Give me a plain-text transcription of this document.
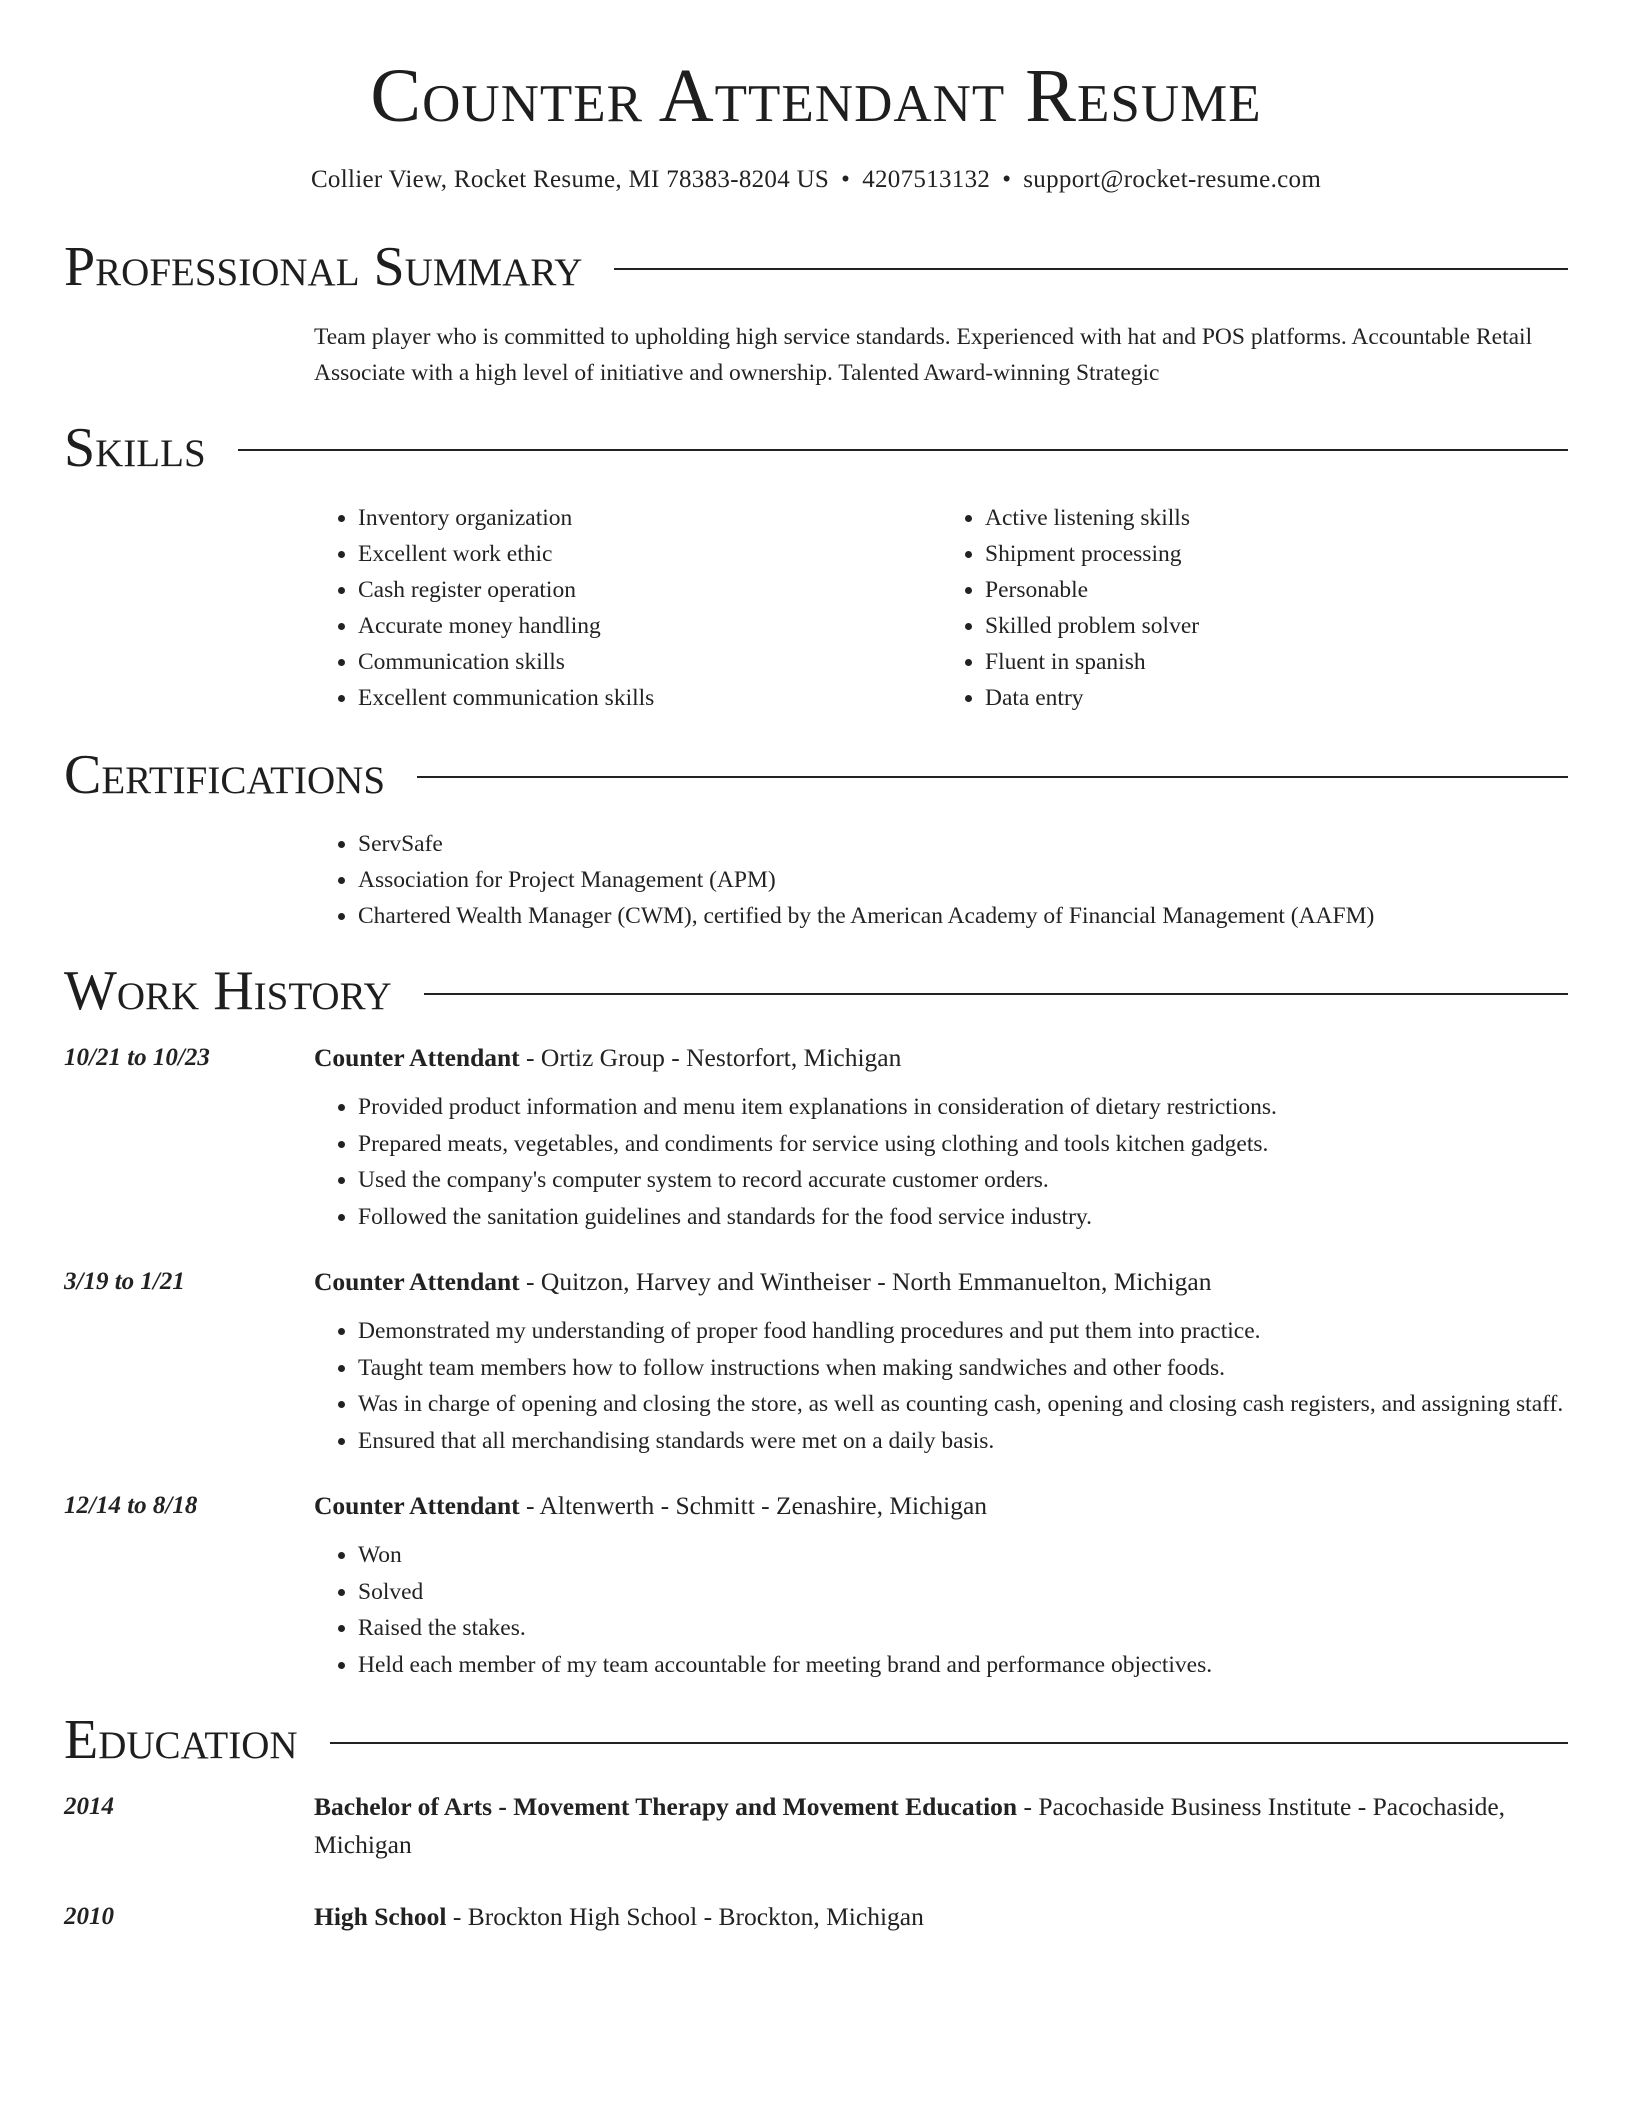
Counter Attendant Resume
Collier View, Rocket Resume, MI 78383-8204 US • 4207513132 • support@rocket-resume.com
Professional Summary

Team player who is committed to upholding high service standards. Experienced with hat and POS platforms. Accountable Retail Associate with a high level of initiative and ownership. Talented Award-winning Strategic

Skills
• Inventory organization
• Excellent work ethic
• Cash register operation
• Accurate money handling
• Communication skills
• Excellent communication skills
• Active listening skills
• Shipment processing
• Personable
• Skilled problem solver
• Fluent in spanish
• Data entry
Certifications
• ServSafe
• Association for Project Management (APM)
• Chartered Wealth Manager (CWM), certified by the American Academy of Financial Management (AAFM)
Work History
10/21 to 10/23	Counter Attendant - Ortiz Group - Nestorfort, Michigan
• Provided product information and menu item explanations in consideration of dietary restrictions.
• Prepared meats, vegetables, and condiments for service using clothing and tools kitchen gadgets.
• Used the company's computer system to record accurate customer orders.
• Followed the sanitation guidelines and standards for the food service industry.
3/19 to 1/21	Counter Attendant - Quitzon, Harvey and Wintheiser - North Emmanuelton, Michigan
• Demonstrated my understanding of proper food handling procedures and put them into practice.
• Taught team members how to follow instructions when making sandwiches and other foods.
• Was in charge of opening and closing the store, as well as counting cash, opening and closing cash registers, and assigning staff.
• Ensured that all merchandising standards were met on a daily basis.
12/14 to 8/18	Counter Attendant - Altenwerth - Schmitt - Zenashire, Michigan
• Won
• Solved
• Raised the stakes.
• Held each member of my team accountable for meeting brand and performance objectives.
Education
2014	Bachelor of Arts - Movement Therapy and Movement Education - Pacochaside Business Institute - Pacochaside, Michigan
2010	High School - Brockton High School - Brockton, Michigan
